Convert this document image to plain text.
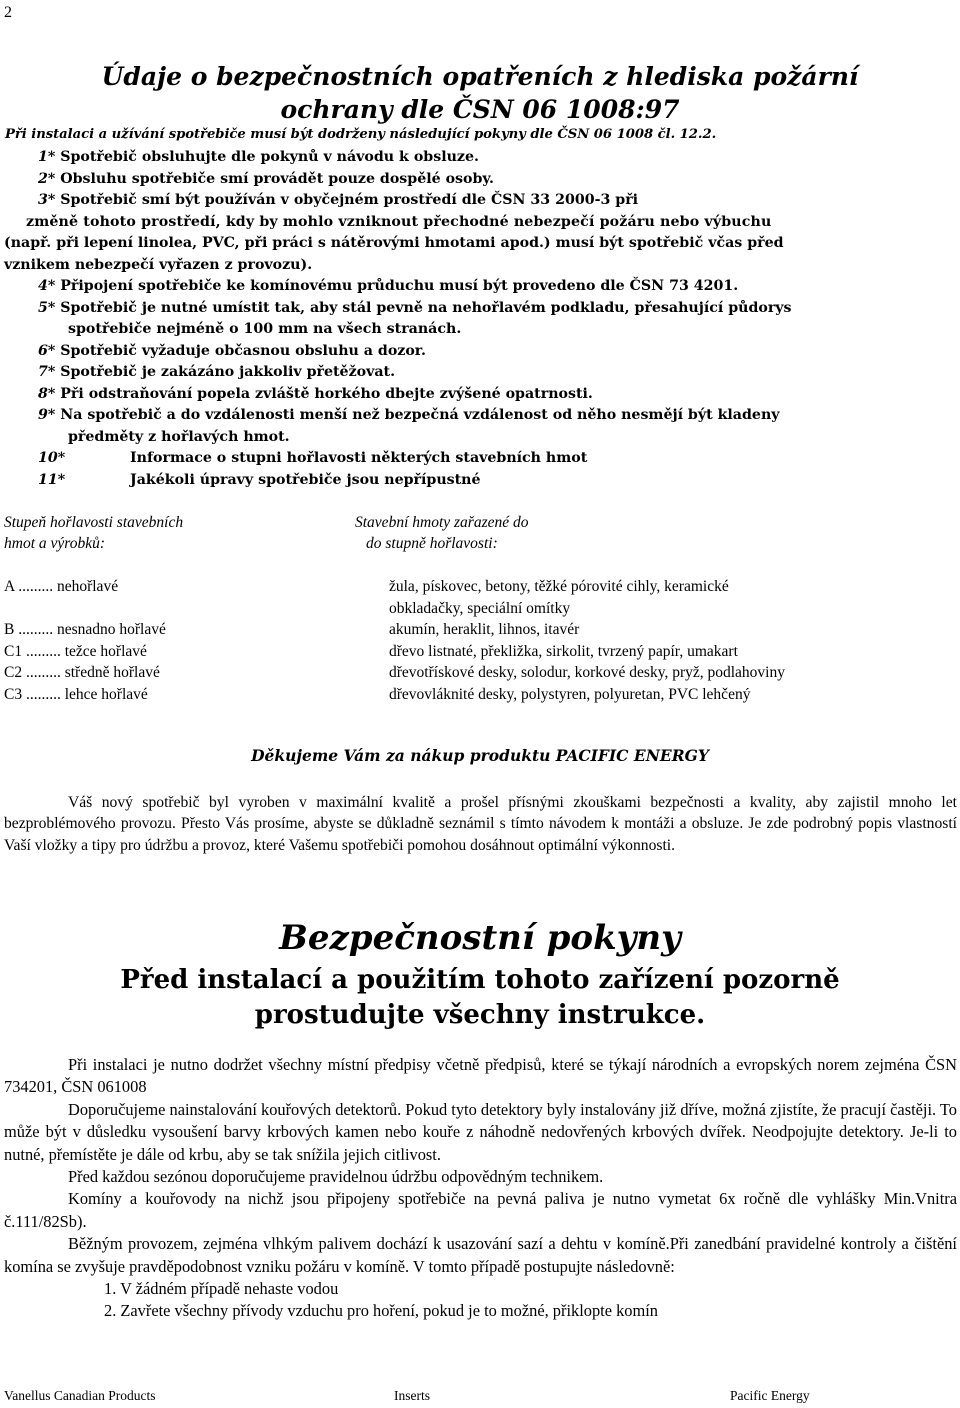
2
Údaje o bezpečnostních opatřeních z hlediska požární
ochrany dle ČSN 06 1008:97
Při instalaci a užívání spotřebiče musí být dodrženy následující pokyny dle ČSN 06 1008 čl. 12.2.
1* Spotřebič obsluhujte dle pokynů v návodu k obsluze.
2* Obsluhu spotřebiče smí provádět pouze dospělé osoby.
3* Spotřebič smí být používán v obyčejném prostředí dle ČSN 33 2000-3 při
změně tohoto prostředí, kdy by mohlo vzniknout přechodné nebezpečí požáru nebo výbuchu
(např. při lepení linolea, PVC, při práci s nátěrovými hmotami apod.) musí být spotřebič včas před
vznikem nebezpečí vyřazen z provozu).
4* Připojení spotřebiče ke komínovému průduchu musí být provedeno dle ČSN 73 4201.
5* Spotřebič je nutné umístit tak, aby stál pevně na nehořlavém podkladu, přesahující půdorys
spotřebiče nejméně o 100 mm na všech stranách.
6* Spotřebič vyžaduje občasnou obsluhu a dozor.
7* Spotřebič je zakázáno jakkoliv přetěžovat.
8* Při odstraňování popela zvláště horkého dbejte zvýšené opatrnosti.
9* Na spotřebič a do vzdálenosti menší než bezpečná vzdálenost od něho nesmějí být kladeny
předměty z hořlavých hmot.
10*	Informace o stupni hořlavosti některých stavebních hmot
11*	Jakékoli úpravy spotřebiče jsou nepřípustné
Stupeň hořlavosti stavebních
hmot a výrobků:
Stavební hmoty zařazené do
do stupně hořlavosti:
A ......... nehořlavé	žula, pískovec, betony, těžké pórovité cihly, keramické
obkladačky, speciální omítky
B ......... nesnadno hořlavé	akumín, heraklit, lihnos, itavér
C1 ......... težce hořlavé	dřevo listnaté, překližka, sirkolit, tvrzený papír, umakart
C2 ......... středně hořlavé	dřevotřískové desky, solodur, korkové desky, pryž, podlahoviny
C3 ......... lehce hořlavé	dřevovláknité desky, polystyren, polyuretan, PVC lehčený
Děkujeme Vám za nákup produktu PACIFIC ENERGY
Váš nový spotřebič byl vyroben v maximální kvalitě a prošel přísnými zkouškami bezpečnosti a kvality, aby zajistil mnoho let bezproblémového provozu. Přesto Vás prosíme, abyste se důkladně seznámil s tímto návodem k montáži a obsluze. Je zde podrobný popis vlastností Vaší vložky a tipy pro údržbu a provoz, které Vašemu spotřebiči pomohou dosáhnout optimální výkonnosti.
Bezpečnostní pokyny
Před instalací a použitím tohoto zařízení pozorně
prostudujte všechny instrukce.

Při instalaci je nutno dodržet všechny místní předpisy včetně předpisů, které se týkají národních a evropských norem zejména ČSN 734201, ČSN 061008

Doporučujeme nainstalování kouřových detektorů. Pokud tyto detektory byly instalovány již dříve, možná zjistíte, že pracují častěji. To může být v důsledku vysoušení barvy krbových kamen nebo kouře z náhodně nedovřených krbových dvířek. Neodpojujte detektory. Je-li to nutné, přemístěte je dále od krbu, aby se tak snížila jejich citlivost.

Před každou sezónou doporučujeme pravidelnou údržbu odpovědným technikem.

Komíny a kouřovody na nichž jsou připojeny spotřebiče na pevná paliva je nutno vymetat 6x ročně dle vyhlášky Min.Vnitra č.111/82Sb).

Běžným provozem, zejména vlhkým palivem dochází k usazování sazí a dehtu v komíně.Při zanedbání pravidelné kontroly a čištění komína se zvyšuje pravděpodobnost vzniku požáru v komíně. V tomto případě postupujte následovně:

1. V žádném případě nehaste vodou
2. Zavřete všechny přívody vzduchu pro hoření, pokud je to možné, přiklopte komín
Vanellus Canadian Products	Inserts	Pacific Energy
